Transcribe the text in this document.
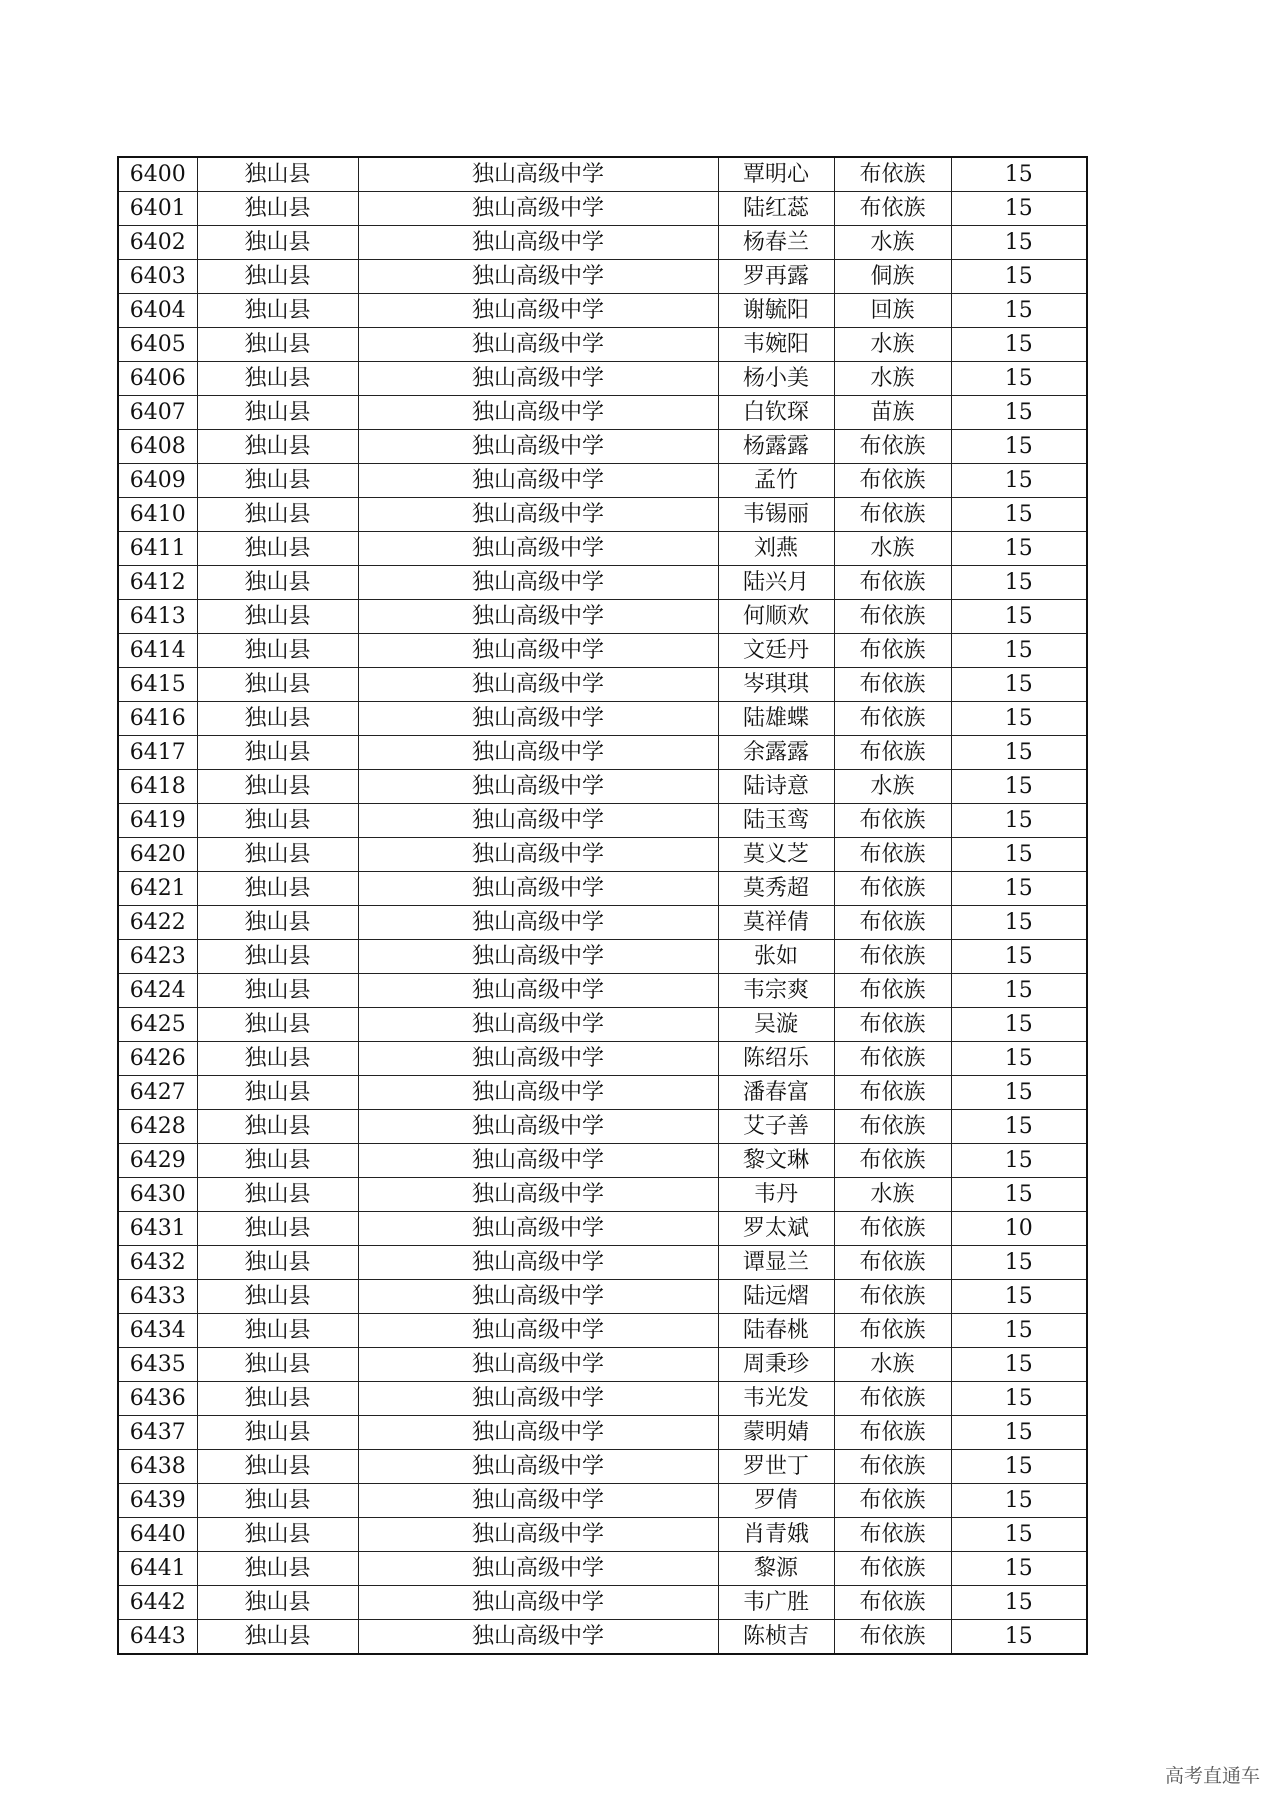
6400	独山县	独山高级中学	覃明心	布依族	15
6401	独山县	独山高级中学	陆红蕊	布依族	15
6402	独山县	独山高级中学	杨春兰	水族	15
6403	独山县	独山高级中学	罗再露	侗族	15
6404	独山县	独山高级中学	谢毓阳	回族	15
6405	独山县	独山高级中学	韦婉阳	水族	15
6406	独山县	独山高级中学	杨小美	水族	15
6407	独山县	独山高级中学	白钦琛	苗族	15
6408	独山县	独山高级中学	杨露露	布依族	15
6409	独山县	独山高级中学	孟竹	布依族	15
6410	独山县	独山高级中学	韦锡丽	布依族	15
6411	独山县	独山高级中学	刘燕	水族	15
6412	独山县	独山高级中学	陆兴月	布依族	15
6413	独山县	独山高级中学	何顺欢	布依族	15
6414	独山县	独山高级中学	文廷丹	布依族	15
6415	独山县	独山高级中学	岑琪琪	布依族	15
6416	独山县	独山高级中学	陆雄蝶	布依族	15
6417	独山县	独山高级中学	余露露	布依族	15
6418	独山县	独山高级中学	陆诗意	水族	15
6419	独山县	独山高级中学	陆玉鸾	布依族	15
6420	独山县	独山高级中学	莫义芝	布依族	15
6421	独山县	独山高级中学	莫秀超	布依族	15
6422	独山县	独山高级中学	莫祥倩	布依族	15
6423	独山县	独山高级中学	张如	布依族	15
6424	独山县	独山高级中学	韦宗爽	布依族	15
6425	独山县	独山高级中学	吴漩	布依族	15
6426	独山县	独山高级中学	陈绍乐	布依族	15
6427	独山县	独山高级中学	潘春富	布依族	15
6428	独山县	独山高级中学	艾子善	布依族	15
6429	独山县	独山高级中学	黎文琳	布依族	15
6430	独山县	独山高级中学	韦丹	水族	15
6431	独山县	独山高级中学	罗太斌	布依族	10
6432	独山县	独山高级中学	谭显兰	布依族	15
6433	独山县	独山高级中学	陆远熠	布依族	15
6434	独山县	独山高级中学	陆春桃	布依族	15
6435	独山县	独山高级中学	周秉珍	水族	15
6436	独山县	独山高级中学	韦光发	布依族	15
6437	独山县	独山高级中学	蒙明婧	布依族	15
6438	独山县	独山高级中学	罗世丁	布依族	15
6439	独山县	独山高级中学	罗倩	布依族	15
6440	独山县	独山高级中学	肖青娥	布依族	15
6441	独山县	独山高级中学	黎源	布依族	15
6442	独山县	独山高级中学	韦广胜	布依族	15
6443	独山县	独山高级中学	陈桢吉	布依族	15
高考直通车
